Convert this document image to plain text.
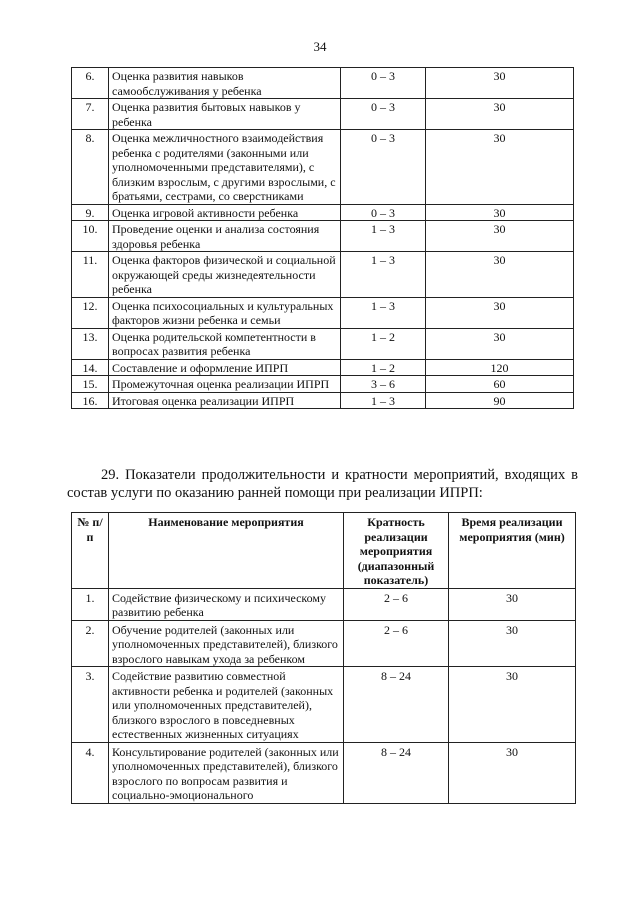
34
6.	Оценка развития навыков самообслуживания у ребенка	0 – 3	30
7.	Оценка развития бытовых навыков у ребенка	0 – 3	30
8.	Оценка межличностного взаимодействия ребенка с родителями (законными или уполномоченными представителями), с близким взрослым, с другими взрослыми, с братьями, сестрами, со сверстниками	0 – 3	30
9.	Оценка игровой активности ребенка	0 – 3	30
10.	Проведение оценки и анализа состояния здоровья ребенка	1 – 3	30
11.	Оценка факторов физической и социальной окружающей среды жизнедеятельности ребенка	1 – 3	30
12.	Оценка психосоциальных и культуральных факторов жизни ребенка и семьи	1 – 3	30
13.	Оценка родительской компетентности в вопросах развития ребенка	1 – 2	30
14.	Составление и оформление ИПРП	1 – 2	120
15.	Промежуточная оценка реализации ИПРП	3 – 6	60
16.	Итоговая оценка реализации ИПРП	1 – 3	90
29. Показатели продолжительности и кратности мероприятий, входящих в состав услуги по оказанию ранней помощи при реализации ИПРП:
№ п/п	Наименование мероприятия	Кратность реализации мероприятия (диапазонный показатель)	Время реализации мероприятия (мин)
1.	Содействие физическому и психическому развитию ребенка	2 – 6	30
2.	Обучение родителей (законных или уполномоченных представителей), близкого взрослого навыкам ухода за ребенком	2 – 6	30
3.	Содействие развитию совместной активности ребенка и родителей (законных или уполномоченных представителей), близкого взрослого в повседневных естественных жизненных ситуациях	8 – 24	30
4.	Консультирование родителей (законных или уполномоченных представителей), близкого взрослого по вопросам развития и социально-эмоционального	8 – 24	30
